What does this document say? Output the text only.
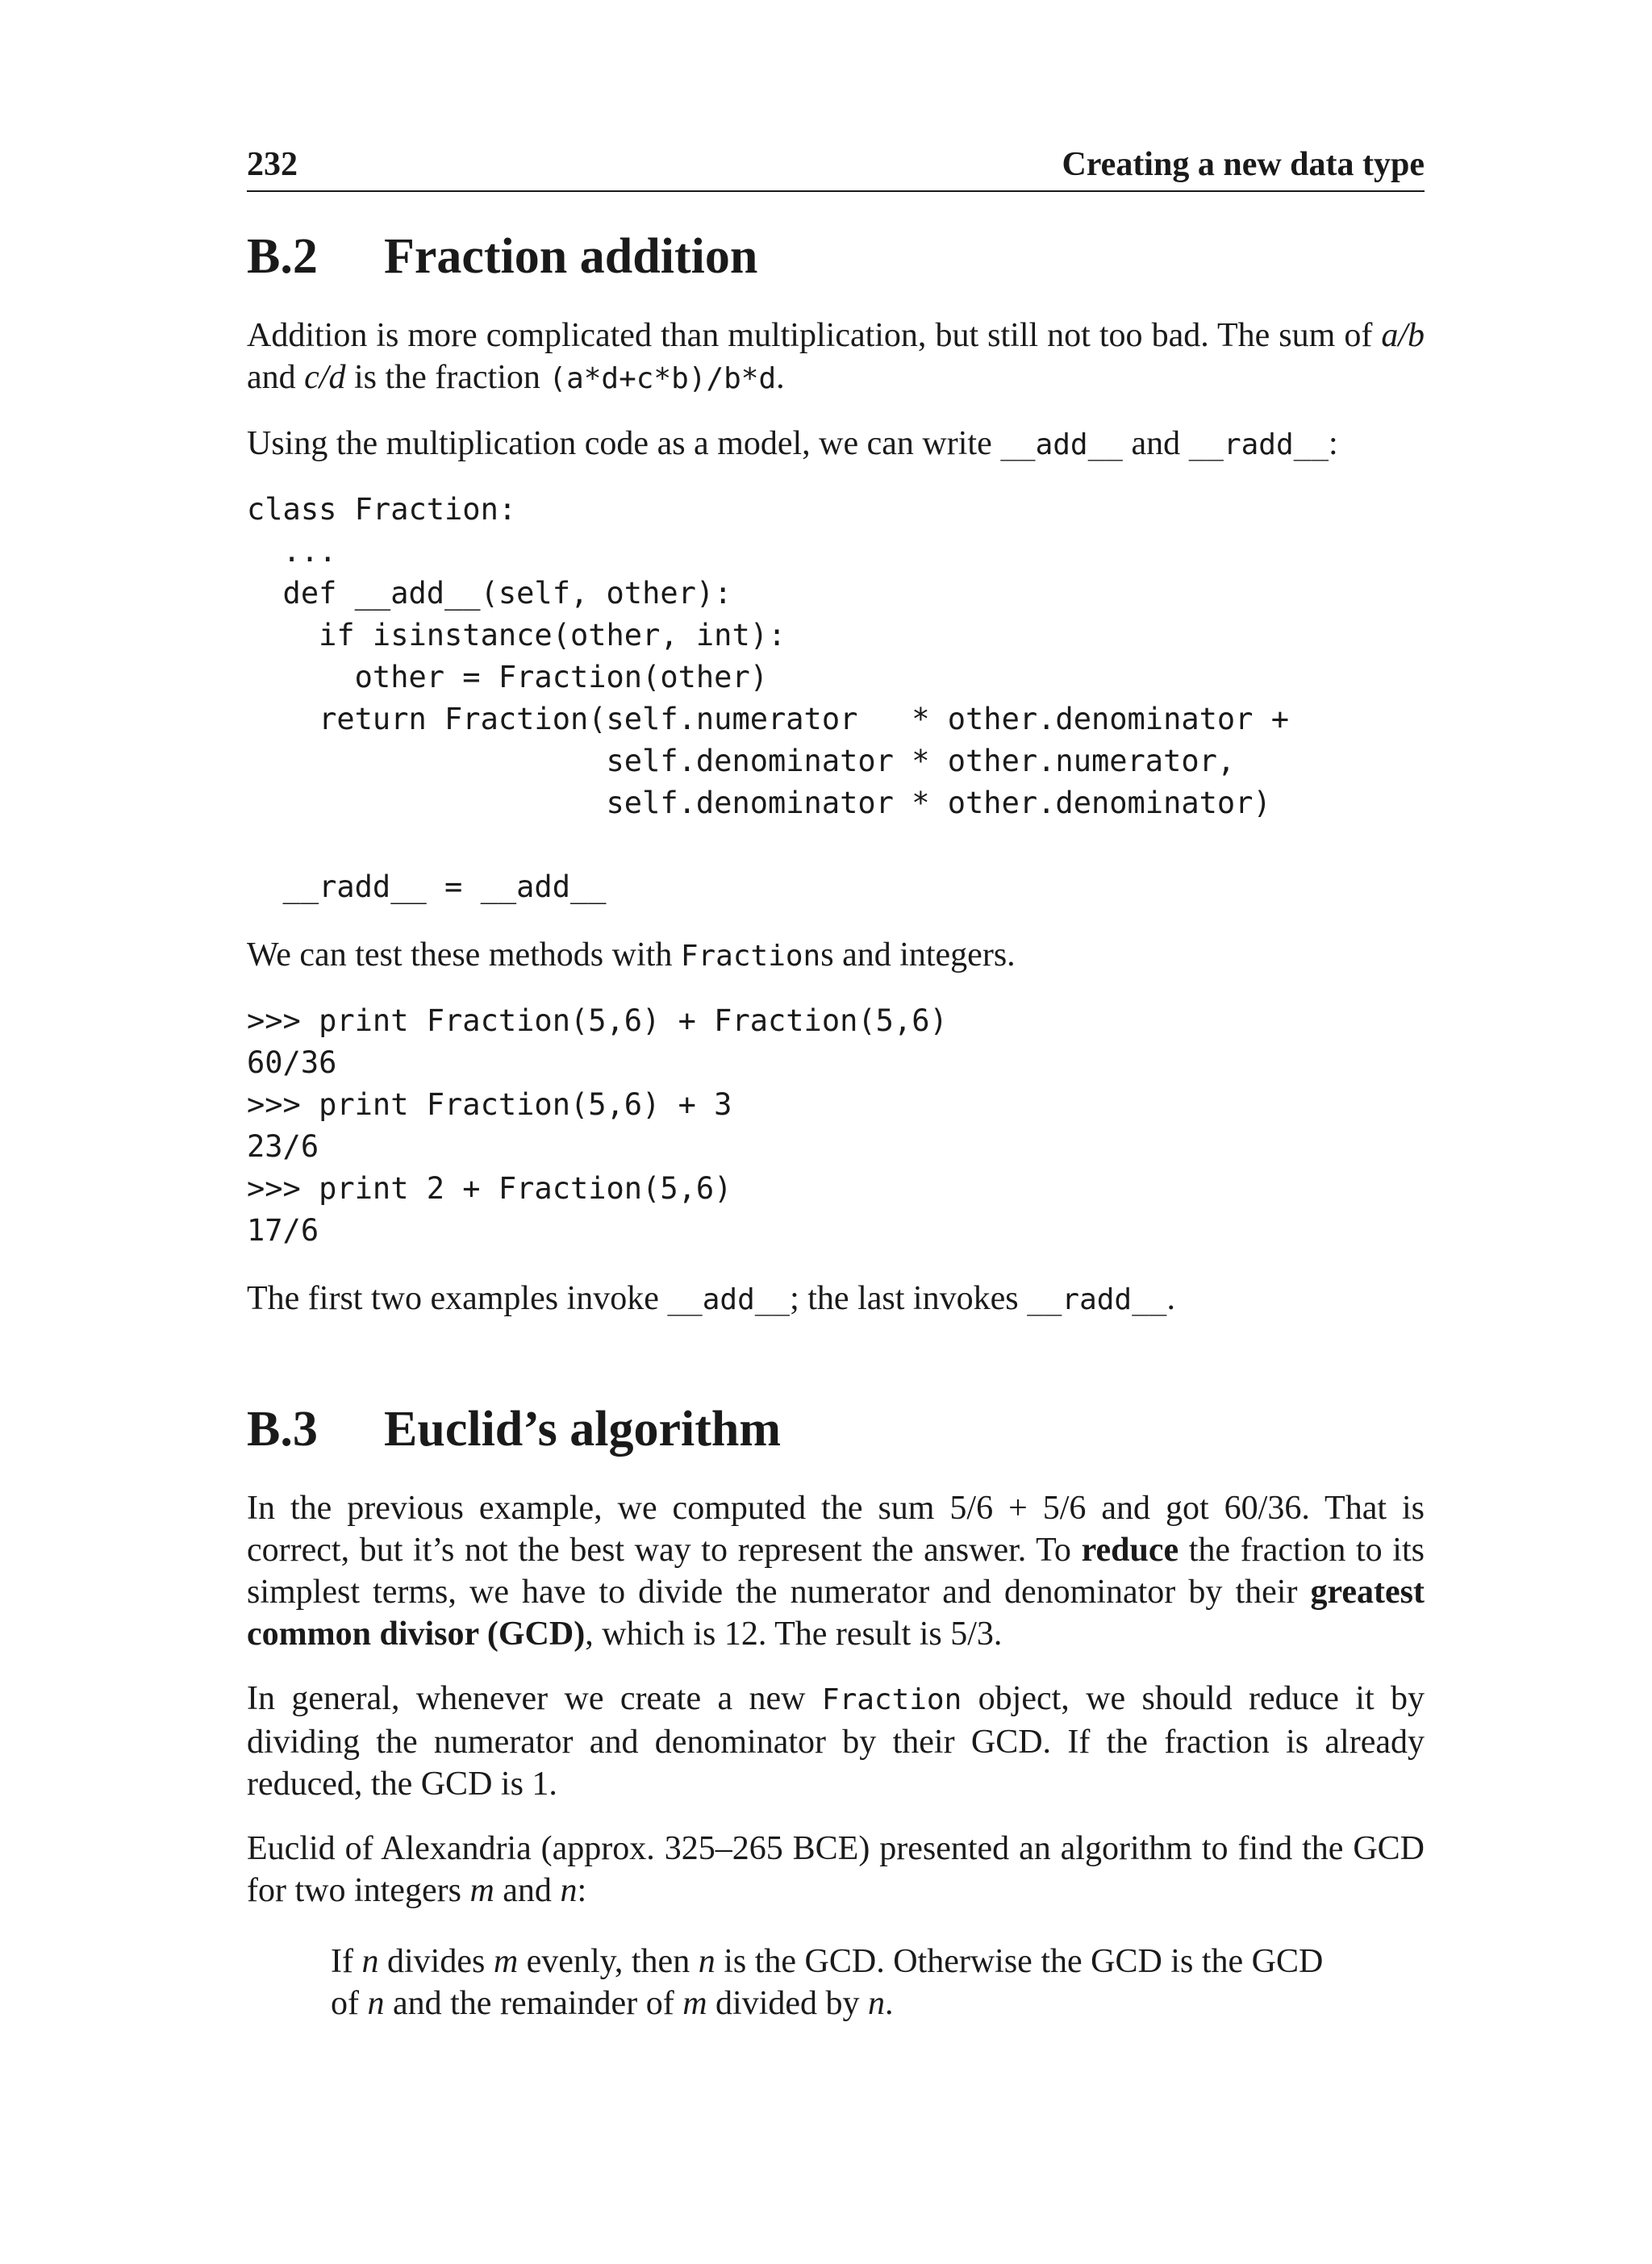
232	Creating a new data type
B.2	Fraction addition

Addition is more complicated than multiplication, but still not too bad. The sum of a/b and c/d is the fraction (a*d+c*b)/b*d.

Using the multiplication code as a model, we can write __add__ and __radd__:

class Fraction:
...
def __add__(self, other):
if isinstance(other, int):
other = Fraction(other)
return Fraction(self.numerator   * other.denominator +
self.denominator * other.numerator,
self.denominator * other.denominator)

__radd__ = __add__

We can test these methods with Fractions and integers.

>>> print Fraction(5,6) + Fraction(5,6)
60/36
>>> print Fraction(5,6) + 3
23/6
>>> print 2 + Fraction(5,6)
17/6

The first two examples invoke __add__; the last invokes __radd__.

B.3	Euclid’s algorithm

In the previous example, we computed the sum 5/6 + 5/6 and got 60/36. That is correct, but it’s not the best way to represent the answer. To reduce the fraction to its simplest terms, we have to divide the numerator and denominator by their greatest common divisor (GCD), which is 12. The result is 5/3.

In general, whenever we create a new Fraction object, we should reduce it by dividing the numerator and denominator by their GCD. If the fraction is already reduced, the GCD is 1.

Euclid of Alexandria (approx. 325–265 BCE) presented an algorithm to find the GCD for two integers m and n:

If n divides m evenly, then n is the GCD. Otherwise the GCD is the GCD of n and the remainder of m divided by n.
